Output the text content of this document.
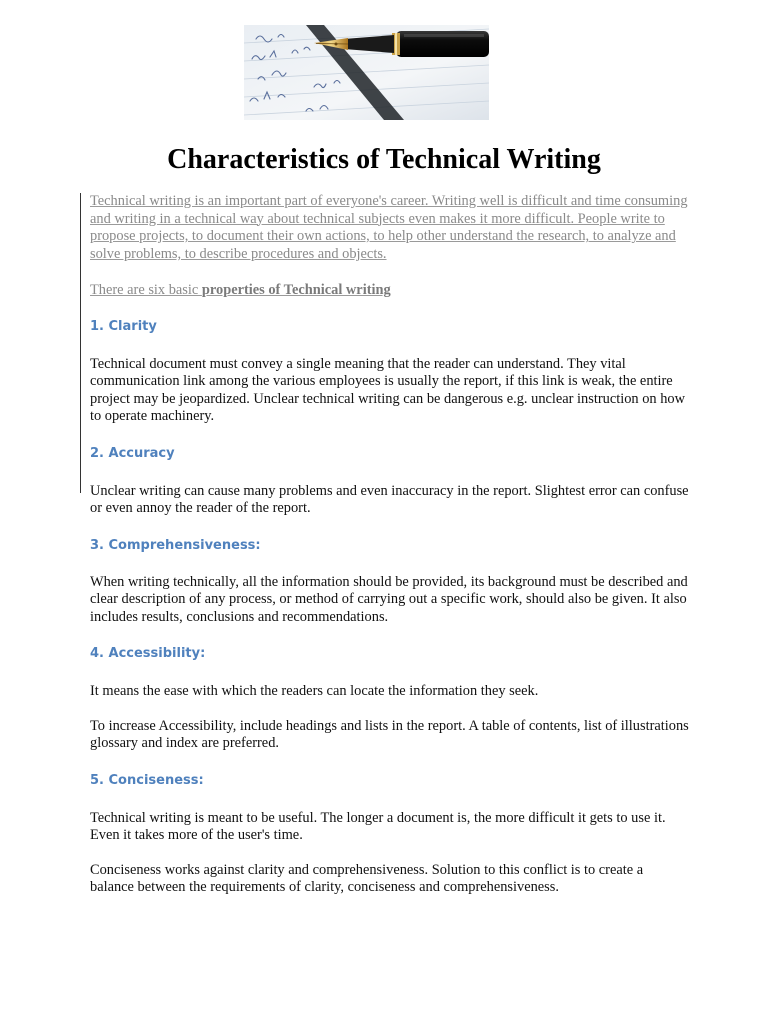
Characteristics of Technical Writing

Technical writing is an important part of everyone's career. Writing well is difficult and time consuming and writing in a technical way about technical subjects even makes it more difficult. People write to propose projects, to document their own actions, to help other understand the research, to analyze and solve problems, to describe procedures and objects.

There are six basic properties of Technical writing

1. Clarity

Technical document must convey a single meaning that the reader can understand. They vital communication link among the various employees is usually the report, if this link is weak, the entire project may be jeopardized. Unclear technical writing can be dangerous e.g. unclear instruction on how to operate machinery.

2. Accuracy

Unclear writing can cause many problems and even inaccuracy in the report. Slightest error can confuse or even annoy the reader of the report.

3. Comprehensiveness:

When writing technically, all the information should be provided, its background must be described and clear description of any process, or method of carrying out a specific work, should also be given. It also includes results, conclusions and recommendations.

4. Accessibility:

It means the ease with which the readers can locate the information they seek.

To increase Accessibility, include headings and lists in the report. A table of contents, list of illustrations glossary and index are preferred.

5. Conciseness:

Technical writing is meant to be useful. The longer a document is, the more difficult it gets to use it. Even it takes more of the user's time.

Conciseness works against clarity and comprehensiveness. Solution to this conflict is to create a balance between the requirements of clarity, conciseness and comprehensiveness.
